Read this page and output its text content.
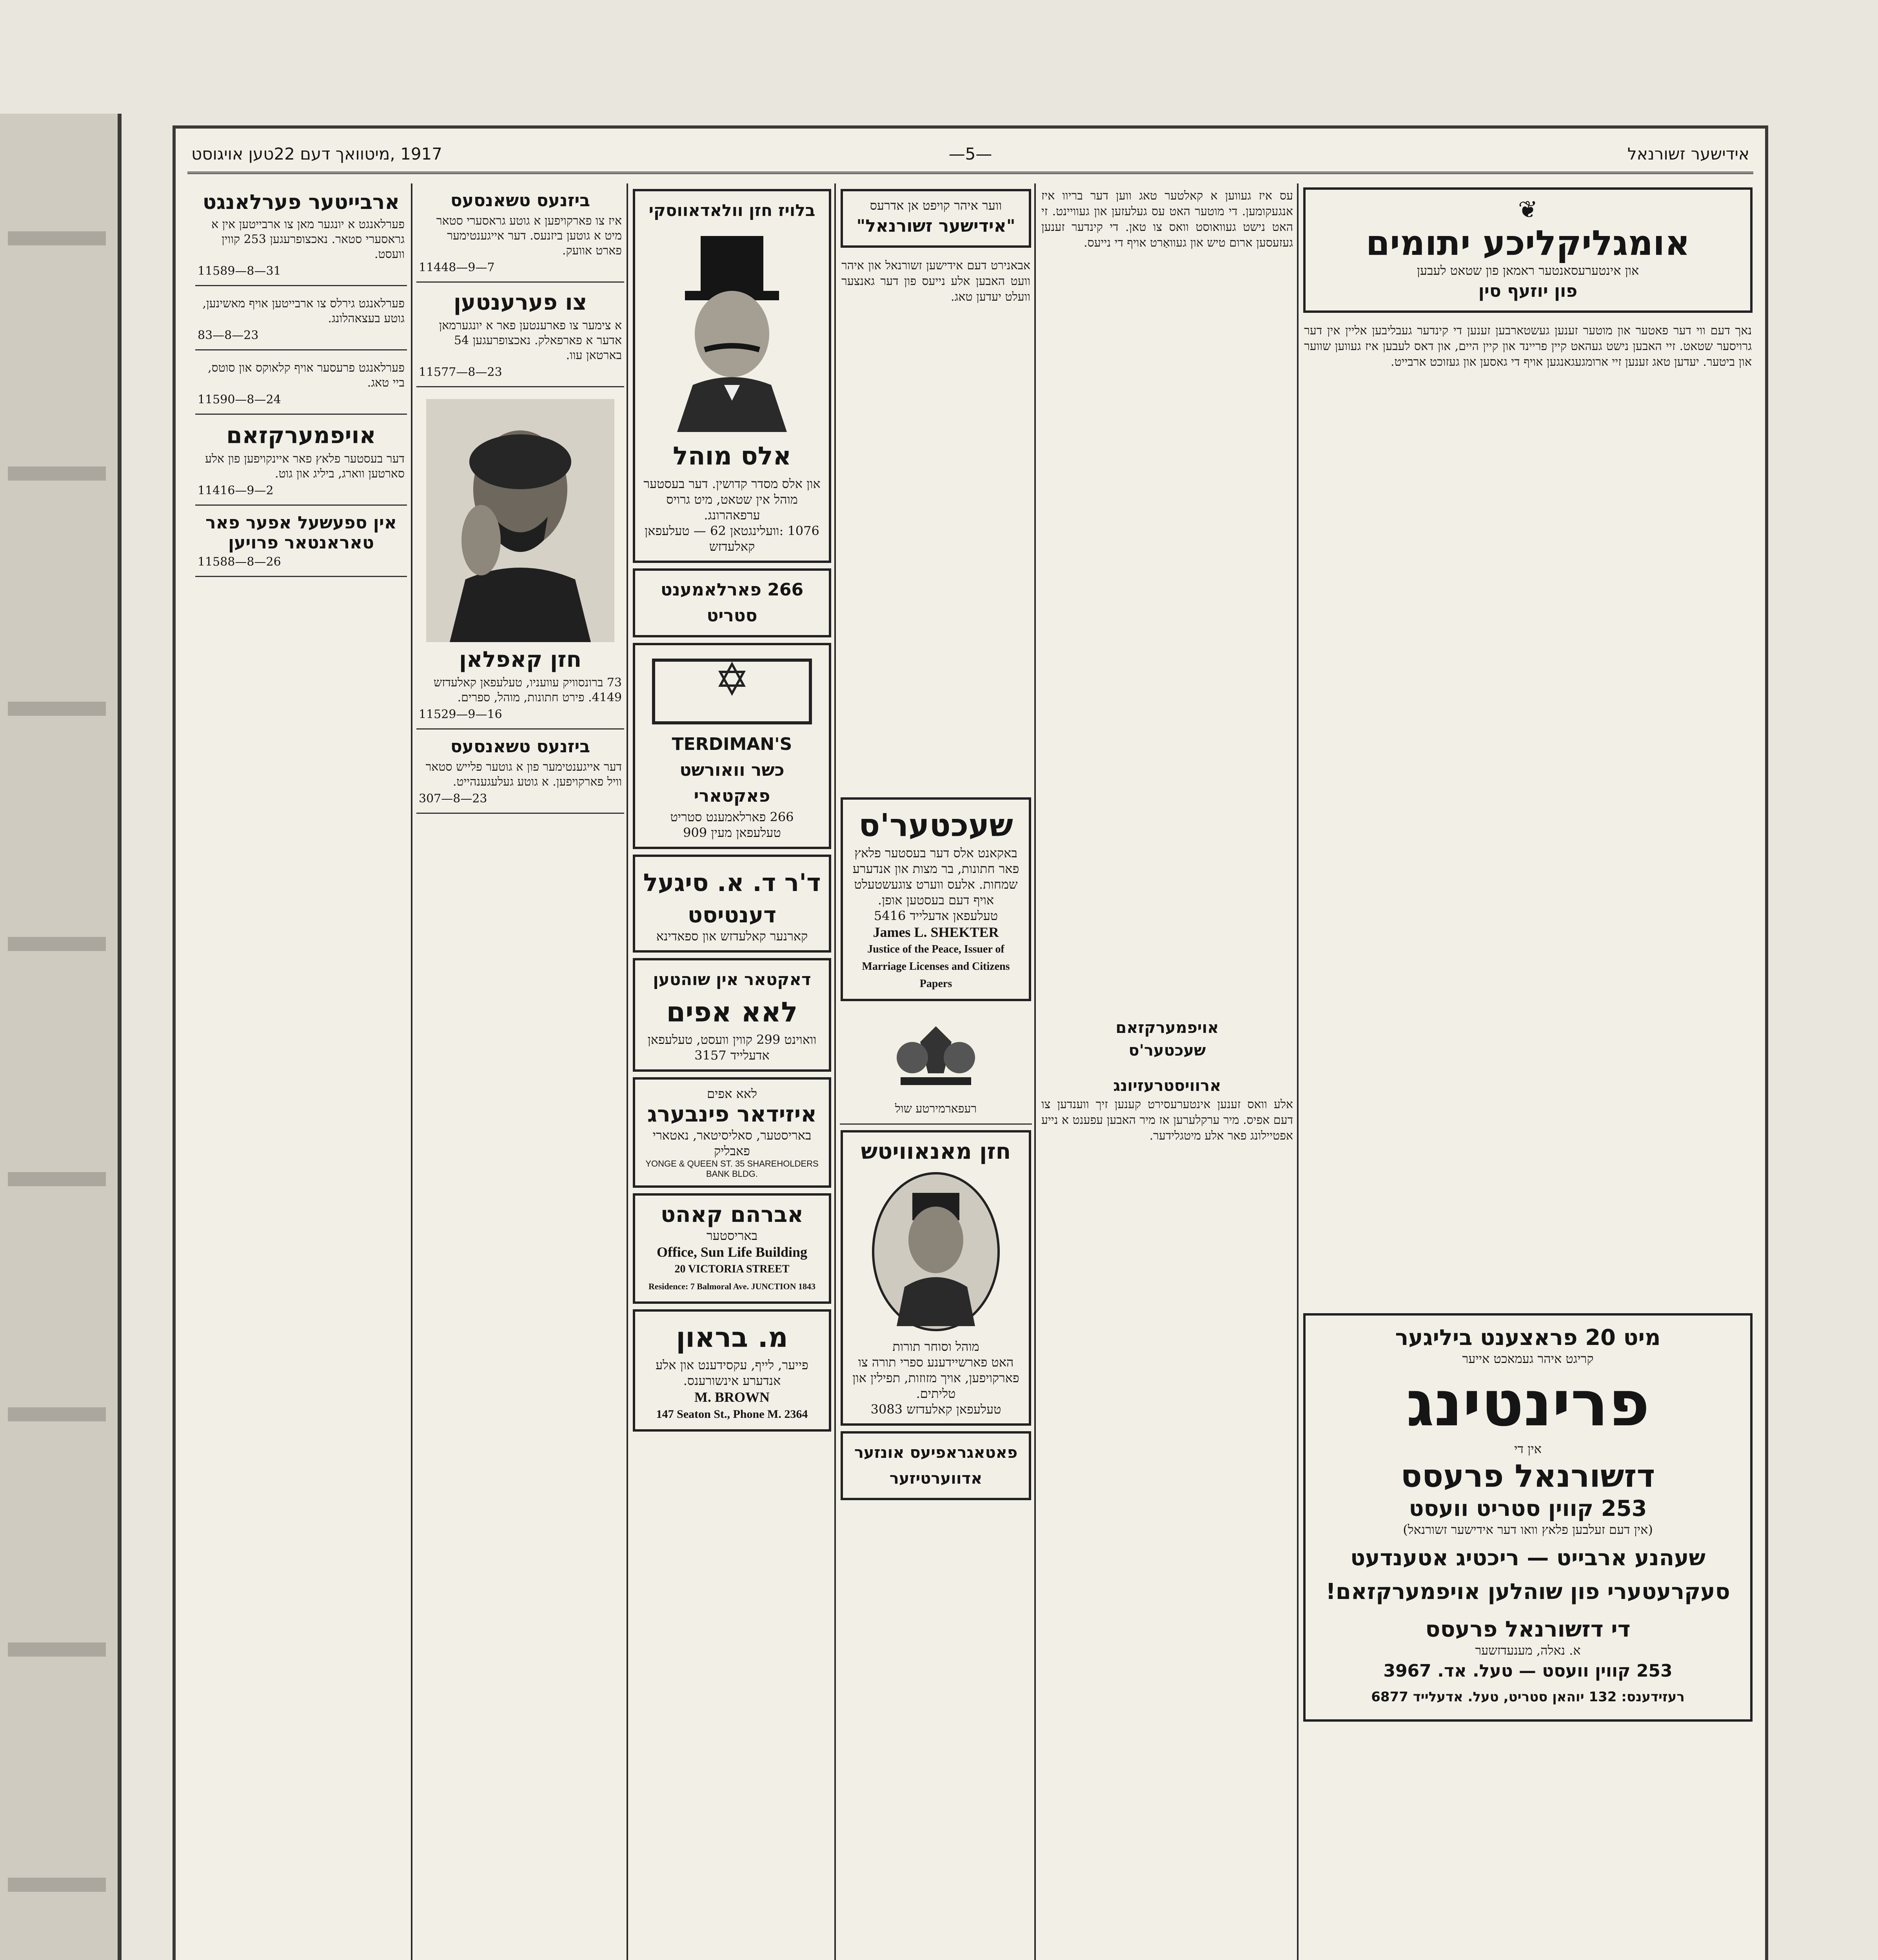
אידישער זשורנאל
—5—
1917 ,מיטוואך דעם 22טען אויגוסט
❦
אומגליקליכע יתומים
און אינטערעסאנטער ראמאן פון שטאט לעבען
פון יוזעף סין
נאך דעם ווי דער פאטער און מוטער זענען געשטארבען זענען די קינדער געבליבען אליין אין דער גרויסער שטאט. זיי האבען נישט געהאט קיין פריינד און קיין היים, און דאס לעבען איז געווען שווער און ביטער. יעדען טאג זענען זיי ארומגעגאנגען אויף די גאסען און געזוכט ארבייט.
מיט 20 פראצענט ביליגער
קריגט איהר געמאכט אייער
פרינטינג
אין די
דזשורנאל פרעסס
253 קווין סטריט וועסט
(אין דעם זעלבען פלאץ וואו דער אידישער זשורנאל)
שעהנע ארבייט — ריכטיג אטענדעט
סעקרעטערי פון שוהלען אויפמערקזאם!
די דזשורנאל פרעסס
א. נאלה, מענעדזשער
253 קווין וועסט — טעל. אד. 3967
רעזידענס: 132 יוהאן סטריט, טעל. אדעלייד 6877
עס איז געווען א קאלטער טאג ווען דער בריוו איז אנגעקומען. די מוטער האט עס געלעזען און געוויינט. זי האט נישט געוואוסט וואס צו טאן. די קינדער זענען געזעסען ארום טיש און געוואַרט אויף די נייעס.
אויפמערקזאם
שעכטער'ס
ארוויסטרעזיונג
אלע וואס זענען אינטערעסירט קענען זיך ווענדען צו דעם אפיס. מיר ערקלערען אז מיר האבען עפענט א נייע אפטיילונג פאר אלע מיטגלידער.
ווער איהר קויפט אן אדרעס
"אידישער זשורנאל"
אבאנירט דעם אידישען זשורנאל און איהר וועט האבען אלע נייעס פון דער גאנצער וועלט יעדען טאג.
שעכטער'ס
באקאנט אלס דער בעסטער פלאץ פאר חתונות, בר מצות און אנדערע שמחות. אלעס ווערט צוגעשטעלט אויף דעם בעסטען אופן.
טעלעפאן אדעלייד 5416
James L. SHEKTER
Justice of the Peace, Issuer of Marriage Licenses and Citizens Papers
רעפארמירטע שול
חזן מאנאוויטש
מוהל וסוחר תורות
האט פארשיידענע ספרי תורה צו פארקויפען, אויך מזוזות, תפילין און טליתים.
טעלעפאן קאלעדזש 3083
פאטאגראפיעס אונזער אדווערטיזער
בלויז חזן וולאדאווסקי
אלס מוהל
און אלס מסדר קדושין. דער בעסטער מוהל אין שטאט, מיט גרויס ערפאהרונג.
1076 :וועלינגטאן 62 — טעלעפאן קאלעדזש
266 פארלאמענט סטריט
TERDIMAN'S
כשר וואורשט פאקטארי
266 פארלאמענט סטריט
טעלעפאן מעין 909
ד'ר ד. א. סיגעל
דענטיסט
קארנער קאלעדזש און ספאדינא
דאקטאר אין שוהטען
לאא אפים
וואוינט 299 קווין וועסט, טעלעפאן אדעלייד 3157
לאא אפים
איזידאר פינבערג
באריסטער, סאליסיטאר, נאטארי פאבליק
YONGE & QUEEN ST. 35 SHAREHOLDERS BANK BLDG.
אברהם קאהט
באריסטער
Office, Sun Life Building
20 VICTORIA STREET
Residence: 7 Balmoral Ave. JUNCTION 1843
מ. בראון
פייער, לייף, עקסידענט און אלע אנדערע אינשורענס.
M. BROWN
147 Seaton St., Phone M. 2364
ביזנעס טשאנסעס
איז צו פארקויפען א גוטע גראסערי סטאר מיט א גוטען ביזנעס. דער אייגענטימער פארט אוועק.
11448—9—7
צו פערענטען
א צימער צו פארענטען פאר א יונגערמאן אדער א פארפאלק. נאכצופרעגען 54 בארטאן עוו.
11577—8—23
חזן קאפלאן
73 ברונסוויק עוועניו, טעלעפאן קאלעדזש 4149. פירט חתונות, מוהל, ספרים.
11529—9—16
ביזנעס טשאנסעס
דער אייגענטימער פון א גוטער פלייש סטאר וויל פארקויפען. א גוטע געלעגענהייט.
307—8—23
ארבייטער פערלאנגט
פערלאנגט א יונגער מאן צו ארבייטען אין א גראסערי סטאר. נאכצופרעגען 253 קווין וועסט.
11589—8—31
פערלאנגט גירלס צו ארבייטען אויף מאשינען, גוטע בעצאהלונג.
83—8—23
פערלאנגט פרעסער אויף קלאוקס און סוטס, ביי טאג.
11590—8—24
אויפמערקזאם
דער בעסטער פלאץ פאר איינקויפען פון אלע סארטען ווארג, ביליג און גוט.
11416—9—2
אין ספעשעל אפער פאר טאראנטאר פרויען
11588—8—26
